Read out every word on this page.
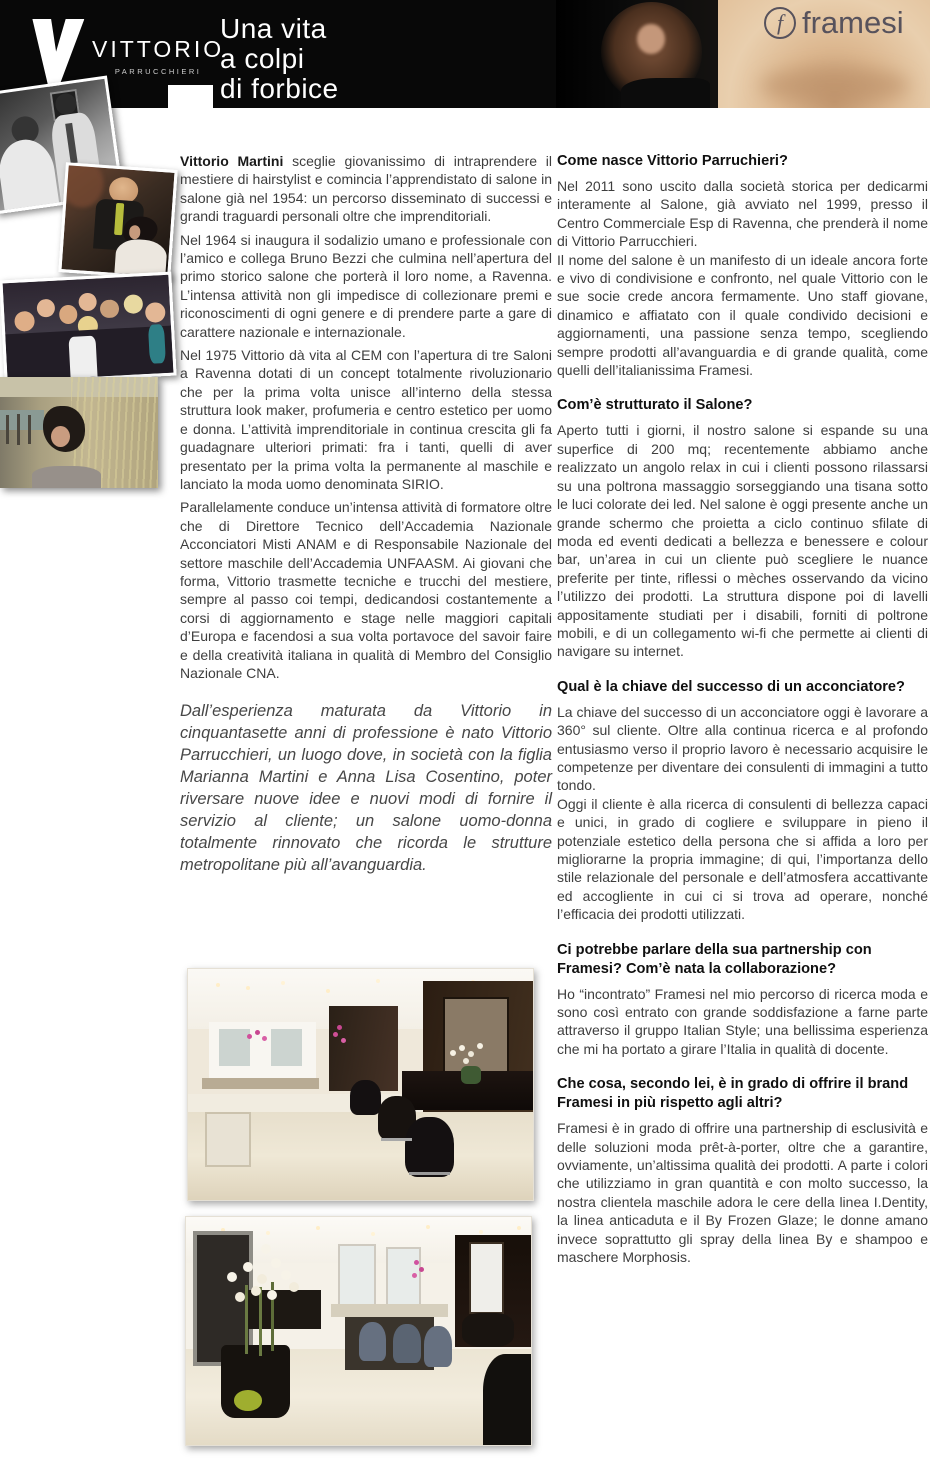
VITTORIO
PARRUCCHIERI
Una vita
a colpi
di forbice
f framesi

Vittorio Martini sceglie giovanissimo di intraprendere il mestiere di hairstylist e comincia l’apprendistato di salone in salone già nel 1954: un percorso disseminato di successi e grandi traguardi personali oltre che imprenditoriali.

Nel 1964 si inaugura il sodalizio umano e professionale con l’amico e collega Bruno Bezzi che culmina nell’apertura del primo storico salone che porterà il loro nome, a Ravenna. L’intensa attività non gli impedisce di collezionare premi e riconoscimenti di ogni genere e di prendere parte a gare di carattere nazionale e internazionale.

Nel 1975 Vittorio dà vita al CEM con l’apertura di tre Saloni a Ravenna dotati di un concept totalmente rivoluzionario che per la prima volta unisce all’interno della stessa struttura look maker, profumeria e centro estetico per uomo e donna. L’attività imprenditoriale in continua crescita gli fa guadagnare ulteriori primati: fra i tanti, quelli di aver presentato per la prima volta la permanente al maschile e lanciato la moda uomo denominata SIRIO.

Parallelamente conduce un’intensa attività di formatore oltre che di Direttore Tecnico dell’Accademia Nazionale Acconciatori Misti ANAM e di Responsabile Nazionale del settore maschile dell’Accademia UNFAASM. Ai giovani che forma, Vittorio trasmette tecniche e trucchi del mestiere, sempre al passo coi tempi, dedicandosi costantemente a corsi di aggiornamento e stage nelle maggiori capitali d’Europa e facendosi a sua volta portavoce del savoir faire e della creatività italiana in qualità di Membro del Consiglio Nazionale CNA.

Dall’esperienza maturata da Vittorio in cinquantasette anni di professione è nato Vittorio Parrucchieri, un luogo dove, in società con la figlia Marianna Martini e Anna Lisa Cosentino, poter riversare nuove idee e nuovi modi di fornire il servizio al cliente; un salone uomo-donna totalmente rinnovato che ricorda le strutture metropolitane più all’avanguardia.

Come nasce Vittorio Parruchieri?

Nel 2011 sono uscito dalla società storica per dedicarmi interamente al Salone, già avviato nel 1999, presso il Centro Commerciale Esp di Ravenna, che prenderà il nome di Vittorio Parrucchieri.

Il nome del salone è un manifesto di un ideale ancora forte e vivo di condivisione e confronto, nel quale Vittorio con le sue socie crede ancora fermamente. Uno staff giovane, dinamico e affiatato con il quale condivido decisioni e aggiornamenti, una passione senza tempo, scegliendo sempre prodotti all’avanguardia e di grande qualità, come quelli dell’italianissima Framesi.

Com’è strutturato il Salone?

Aperto tutti i giorni, il nostro salone si espande su una superfice di 200 mq; recentemente abbiamo anche realizzato un angolo relax in cui i clienti possono rilassarsi su una poltrona massaggio sorseggiando una tisana sotto le luci colorate dei led. Nel salone è oggi presente anche un grande schermo che proietta a ciclo continuo sfilate di moda ed eventi dedicati a bellezza e benessere e colour bar, un’area in cui un cliente può scegliere le nuance preferite per tinte, riflessi o mèches osservando da vicino l’utilizzo dei prodotti. La struttura dispone poi di lavelli appositamente studiati per i disabili, forniti di poltrone mobili, e di un collegamento wi-fi che permette ai clienti di navigare su internet.

Qual è la chiave del successo di un acconciatore?

La chiave del successo di un acconciatore oggi è lavorare a 360° sul cliente. Oltre alla continua ricerca e al profondo entusiasmo verso il proprio lavoro è necessario acquisire le competenze per diventare dei consulenti di immagini a tutto tondo.

Oggi il cliente è alla ricerca di consulenti di bellezza capaci e unici, in grado di cogliere e sviluppare in pieno il potenziale estetico della persona che si affida a loro per migliorarne la propria immagine; di qui, l’importanza dello stile relazionale del personale e dell’atmosfera accattivante ed accogliente in cui ci si trova ad operare, nonché l’efficacia dei prodotti utilizzati.

Ci potrebbe parlare della sua partnership con Framesi? Com’è nata la collaborazione?

Ho “incontrato” Framesi nel mio percorso di ricerca moda e sono così entrato con grande soddisfazione a farne parte attraverso il gruppo Italian Style; una bellissima esperienza che mi ha portato a girare l’Italia in qualità di docente.

Che cosa, secondo lei, è in grado di offrire il brand Framesi in più rispetto agli altri?

Framesi è in grado di offrire una partnership di esclusività e delle soluzioni moda prêt-à-porter, oltre che a garantire, ovviamente, un’altissima qualità dei prodotti. A parte i colori che utilizziamo in gran quantità e con molto successo, la nostra clientela maschile adora le cere della linea I.Dentity, la linea anticaduta e il By Frozen Glaze; le donne amano invece soprattutto gli spray della linea By e shampoo e maschere Morphosis.
